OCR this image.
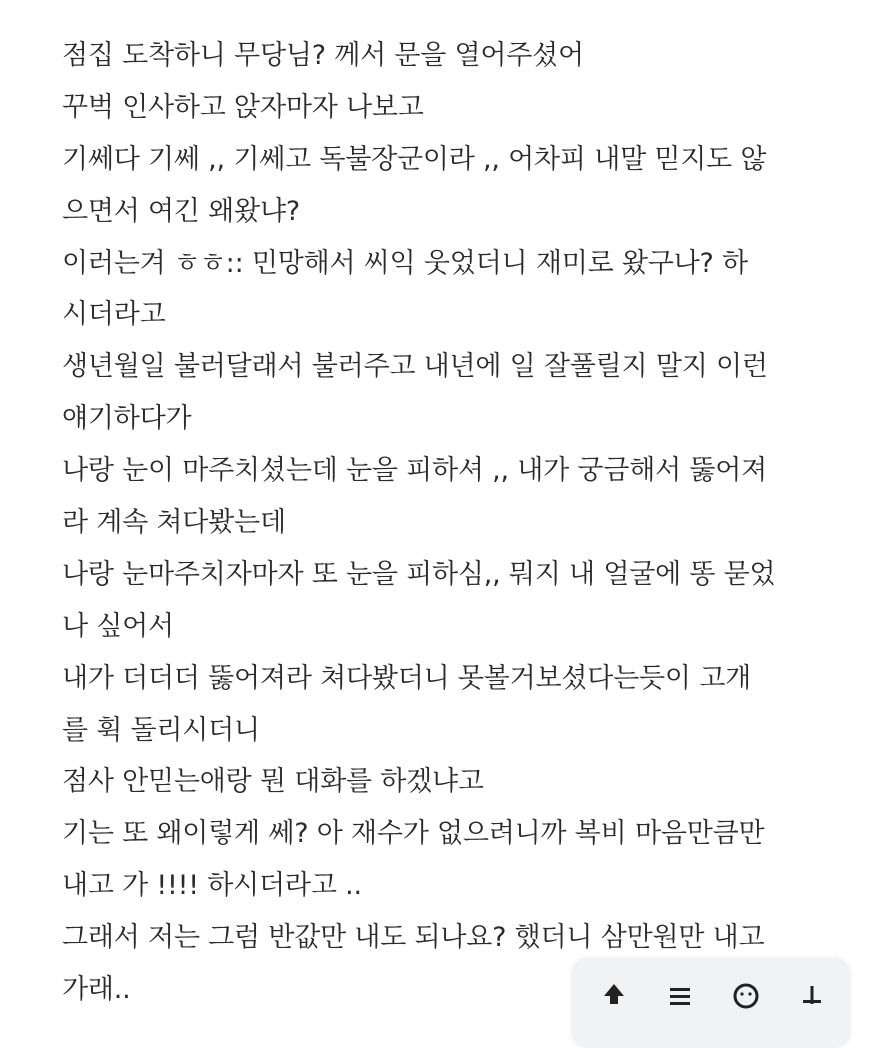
점집 도착하니 무당님? 께서 문을 열어주셨어
꾸벅 인사하고 앉자마자 나보고
기쎄다 기쎄 ,, 기쎄고 독불장군이라 ,, 어차피 내말 믿지도 않
으면서 여긴 왜왔냐?
이러는겨 ㅎㅎ:: 민망해서 씨익 웃었더니 재미로 왔구나? 하
시더라고
생년월일 불러달래서 불러주고 내년에 일 잘풀릴지 말지 이런
얘기하다가
나랑 눈이 마주치셨는데 눈을 피하셔 ,, 내가 궁금해서 뚫어져
라 계속 쳐다봤는데
나랑 눈마주치자마자 또 눈을 피하심,, 뭐지 내 얼굴에 똥 묻었
나 싶어서
내가 더더더 뚫어져라 쳐다봤더니 못볼거보셨다는듯이 고개
를 휙 돌리시더니
점사 안믿는애랑 뭔 대화를 하겠냐고
기는 또 왜이렇게 쎄? 아 재수가 없으려니까 복비 마음만큼만
내고 가 !!!! 하시더라고 ..
그래서 저는 그럼 반값만 내도 되나요? 했더니 삼만원만 내고
가래..
